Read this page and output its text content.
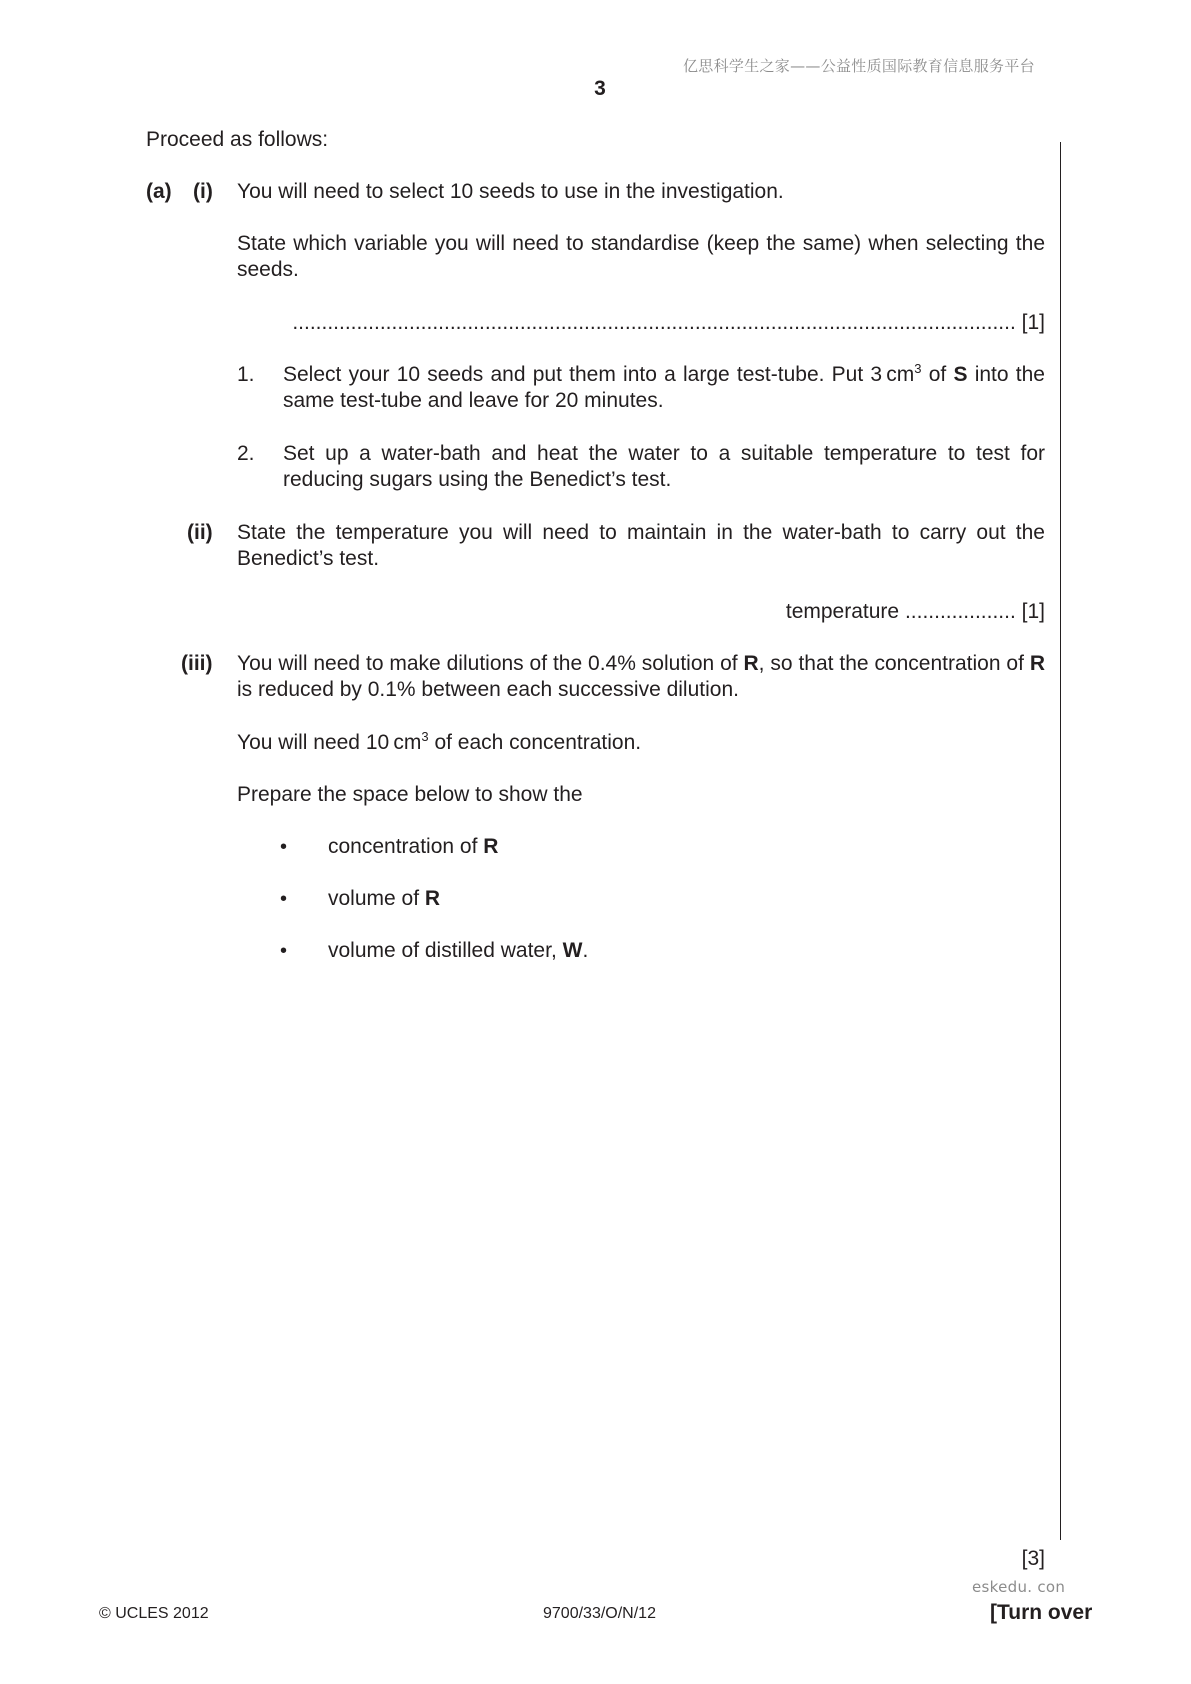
亿思科学生之家——公益性质国际教育信息服务平台
3
Proceed as follows:
(a) (i) You will need to select 10 seeds to use in the investigation.
State which variable you will need to standardise (keep the same) when selecting the seeds.
............................................................................................................................ [1]
1. Select your 10 seeds and put them into a large test-tube. Put 3 $cm^3$ of S into the same test-tube and leave for 20 minutes.
2. Set up a water-bath and heat the water to a suitable temperature to test for reducing sugars using the Benedict’s test.
(ii) State the temperature you will need to maintain in the water-bath to carry out the Benedict’s test.
temperature ................... [1]
(iii) You will need to make dilutions of the 0.4% solution of R, so that the concentration of R is reduced by 0.1% between each successive dilution.
You will need 10 $cm^3$ of each concentration.
Prepare the space below to show the
• concentration of R
• volume of R
• volume of distilled water, W.
[3]
eskedu. con
© UCLES 2012	9700/33/O/N/12	[Turn over
